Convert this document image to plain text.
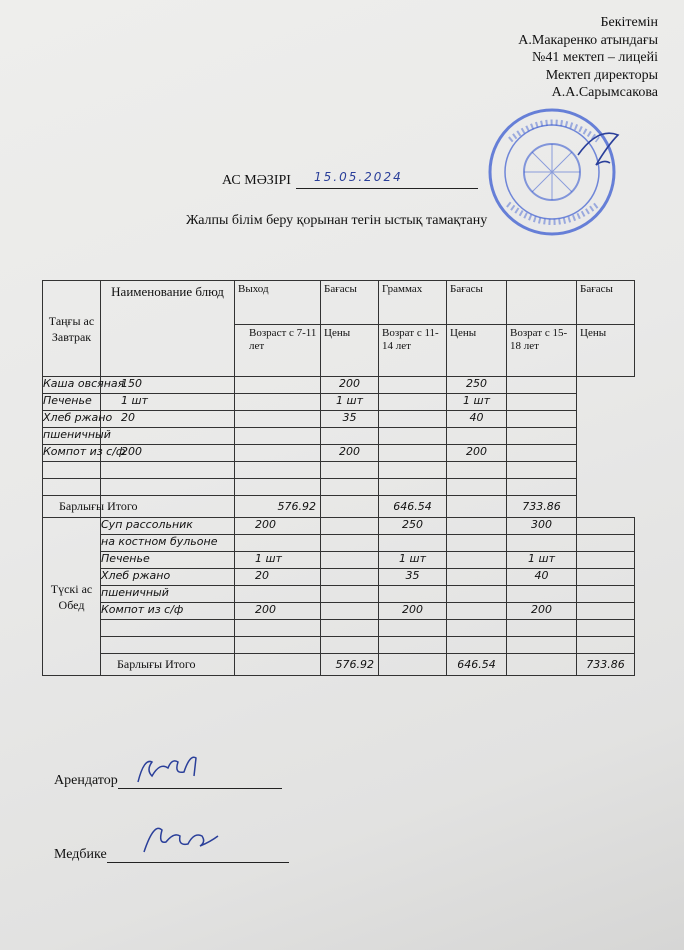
Бекітемін
А.Макаренко атындағы
№41 мектеп – лицейі
Мектеп директоры
А.А.Сарымсакова
АС МӘЗІРІ	15.05.2024
Жалпы білім беру қорынан тегін ыстық тамақтану
Таңғы ас Завтрак	Наименование блюд	Выход	Бағасы	Граммах	Бағасы		Бағасы
		Возраст с 7-11 лет	Цены	Возрат с 11-14 лет	Цены	Возрат с 15-18 лет	Цены
Каша овсяная	150		200		250		
Печенье	1 шт		1 шт		1 шт		
Хлеб ржано	20		35		40		
пшеничный							
Компот из с/ф	200		200		200		

Барлығы Итого		576.92		646.54		733.86	
Түскі ас Обед	Суп рассольник	200		250		300	
	на костном бульоне						
	Печенье	1 шт		1 шт		1 шт	
	Хлеб ржано	20		35		40	
	пшеничный						
	Компот из с/ф	200		200		200	

	Барлығы Итого		576.92		646.54		733.86
Арендатор
Медбике
